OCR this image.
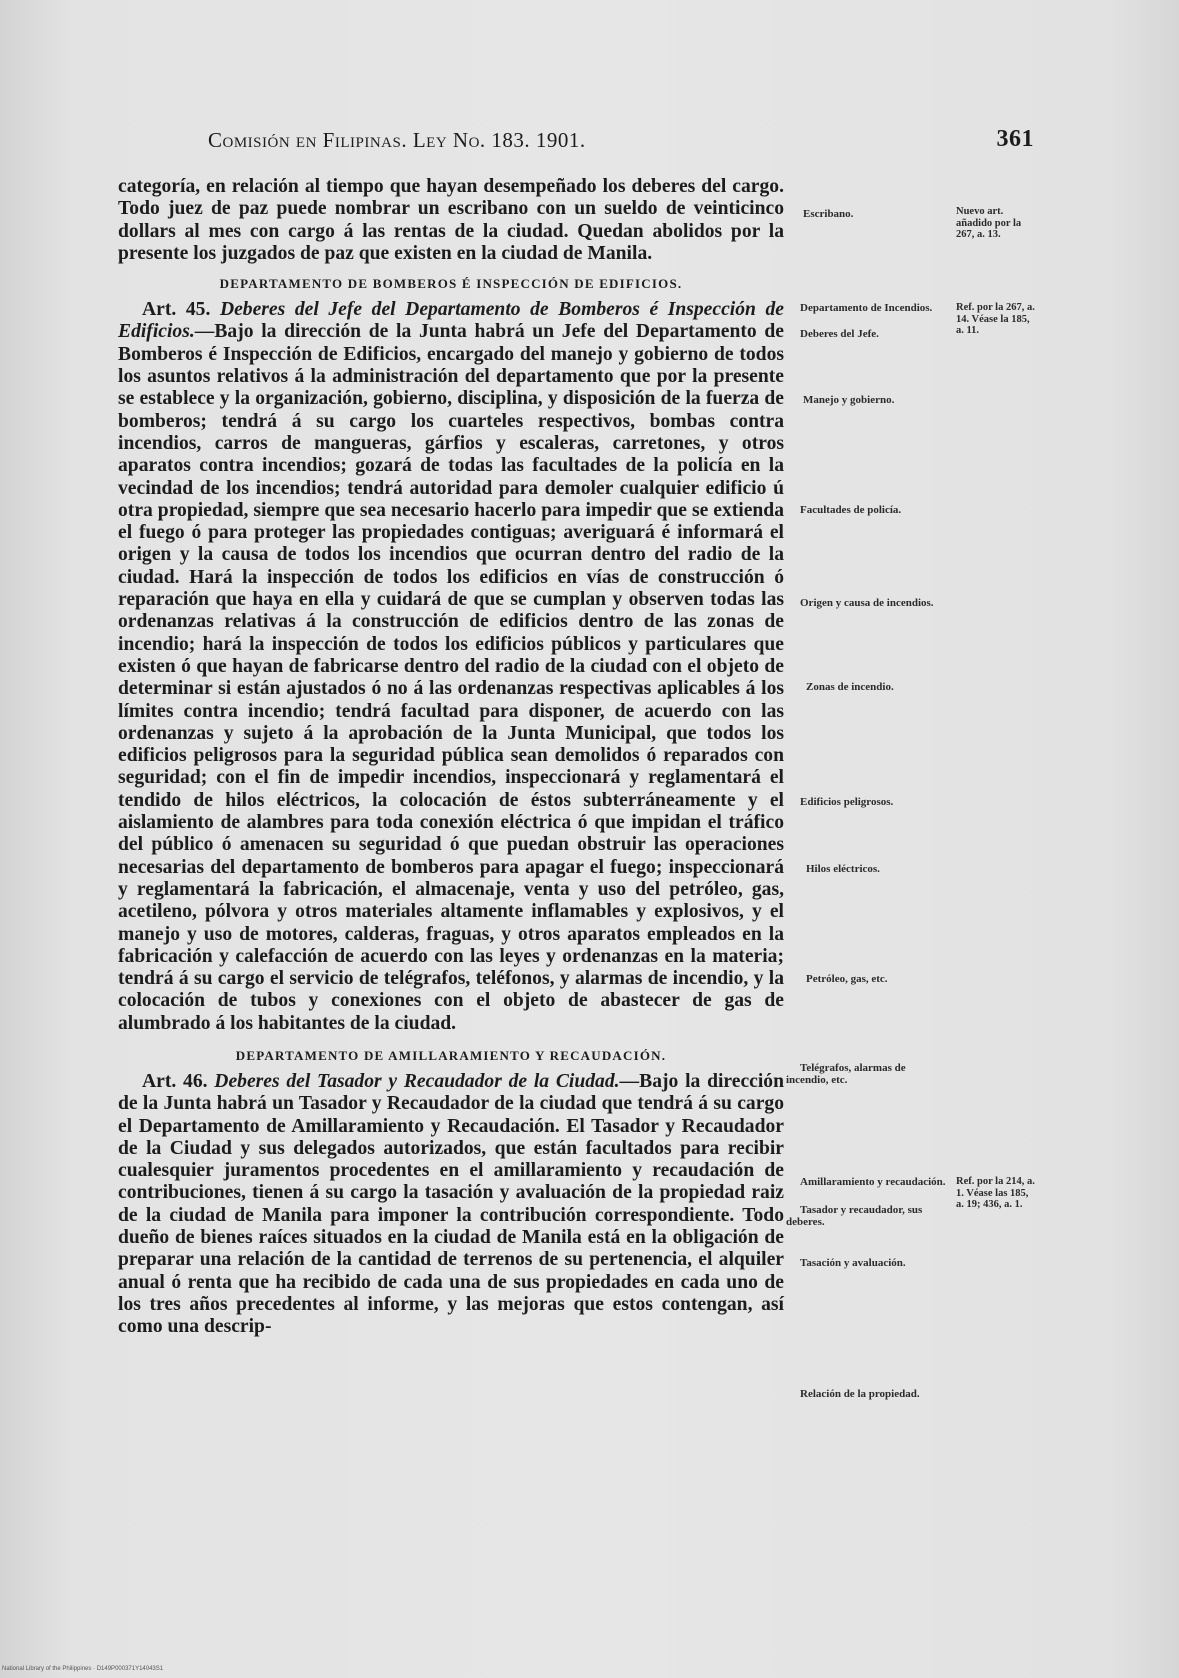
Comisión en Filipinas. Ley No. 183. 1901.	361

categoría, en relación al tiempo que hayan desempeñado los deberes del cargo. Todo juez de paz puede nombrar un escribano con un sueldo de veinticinco dollars al mes con cargo á las rentas de la ciudad. Quedan abolidos por la presente los juzgados de paz que existen en la ciudad de Manila.

DEPARTAMENTO DE BOMBEROS É INSPECCIÓN DE EDIFICIOS.

Art. 45. Deberes del Jefe del Departamento de Bomberos é Inspección de Edificios.—Bajo la dirección de la Junta habrá un Jefe del Departamento de Bomberos é Inspección de Edificios, encargado del manejo y gobierno de todos los asuntos relativos á la administración del departamento que por la presente se establece y la organización, gobierno, disciplina, y disposición de la fuerza de bomberos; tendrá á su cargo los cuarteles respectivos, bombas contra incendios, carros de mangueras, gárfios y escaleras, carretones, y otros aparatos contra incendios; gozará de todas las facultades de la policía en la vecindad de los incendios; tendrá autoridad para demoler cualquier edificio ú otra propiedad, siempre que sea necesario hacerlo para impedir que se extienda el fuego ó para proteger las propiedades contiguas; averiguará é informará el origen y la causa de todos los incendios que ocurran dentro del radio de la ciudad. Hará la inspección de todos los edificios en vías de construcción ó reparación que haya en ella y cuidará de que se cumplan y observen todas las ordenanzas relativas á la construcción de edificios dentro de las zonas de incendio; hará la inspección de todos los edificios públicos y particulares que existen ó que hayan de fabricarse dentro del radio de la ciudad con el objeto de determinar si están ajustados ó no á las ordenanzas respectivas aplicables á los límites contra incendio; tendrá facultad para disponer, de acuerdo con las ordenanzas y sujeto á la aprobación de la Junta Municipal, que todos los edificios peligrosos para la seguridad pública sean demolidos ó reparados con seguridad; con el fin de impedir incendios, inspeccionará y reglamentará el tendido de hilos eléctricos, la colocación de éstos subterráneamente y el aislamiento de alambres para toda conexión eléctrica ó que impidan el tráfico del público ó amenacen su seguridad ó que puedan obstruir las operaciones necesarias del departamento de bomberos para apagar el fuego; inspeccionará y reglamentará la fabricación, el almacenaje, venta y uso del petróleo, gas, acetileno, pólvora y otros materiales altamente inflamables y explosivos, y el manejo y uso de motores, calderas, fraguas, y otros aparatos empleados en la fabricación y calefacción de acuerdo con las leyes y ordenanzas en la materia; tendrá á su cargo el servicio de telégrafos, teléfonos, y alarmas de incendio, y la colocación de tubos y conexiones con el objeto de abastecer de gas de alumbrado á los habitantes de la ciudad.

DEPARTAMENTO DE AMILLARAMIENTO Y RECAUDACIÓN.

Art. 46. Deberes del Tasador y Recaudador de la Ciudad.—Bajo la dirección de la Junta habrá un Tasador y Recaudador de la ciudad que tendrá á su cargo el Departamento de Amillaramiento y Recaudación. El Tasador y Recaudador de la Ciudad y sus delegados autorizados, que están facultados para recibir cualesquier juramentos procedentes en el amillaramiento y recaudación de contribuciones, tienen á su cargo la tasación y avaluación de la propiedad raiz de la ciudad de Manila para imponer la contribución correspondiente. Todo dueño de bienes raíces situados en la ciudad de Manila está en la obligación de preparar una relación de la cantidad de terrenos de su pertenencia, el alquiler anual ó renta que ha recibido de cada una de sus propiedades en cada uno de los tres años precedentes al informe, y las mejoras que estos contengan, así como una descrip-

Escribano.
Departamento de Incendios.
Deberes del Jefe.
Manejo y gobierno.
Facultades de policía.
Origen y causa de incendios.
Zonas de incendio.
Edificios peligrosos.
Hilos eléctricos.
Petróleo, gas, etc.
Telégrafos, alarmas de incendio, etc.
Amillaramiento y recaudación.
Tasador y recaudador, sus deberes.
Tasación y avaluación.
Relación de la propiedad.
Nuevo art. añadido por la 267, a. 13.
Ref. por la 267, a. 14. Véase la 185, a. 11.
Ref. por la 214, a. 1. Véase las 185, a. 19; 436, a. 1.
National Library of the Philippines · D149P000371Y14043S1
